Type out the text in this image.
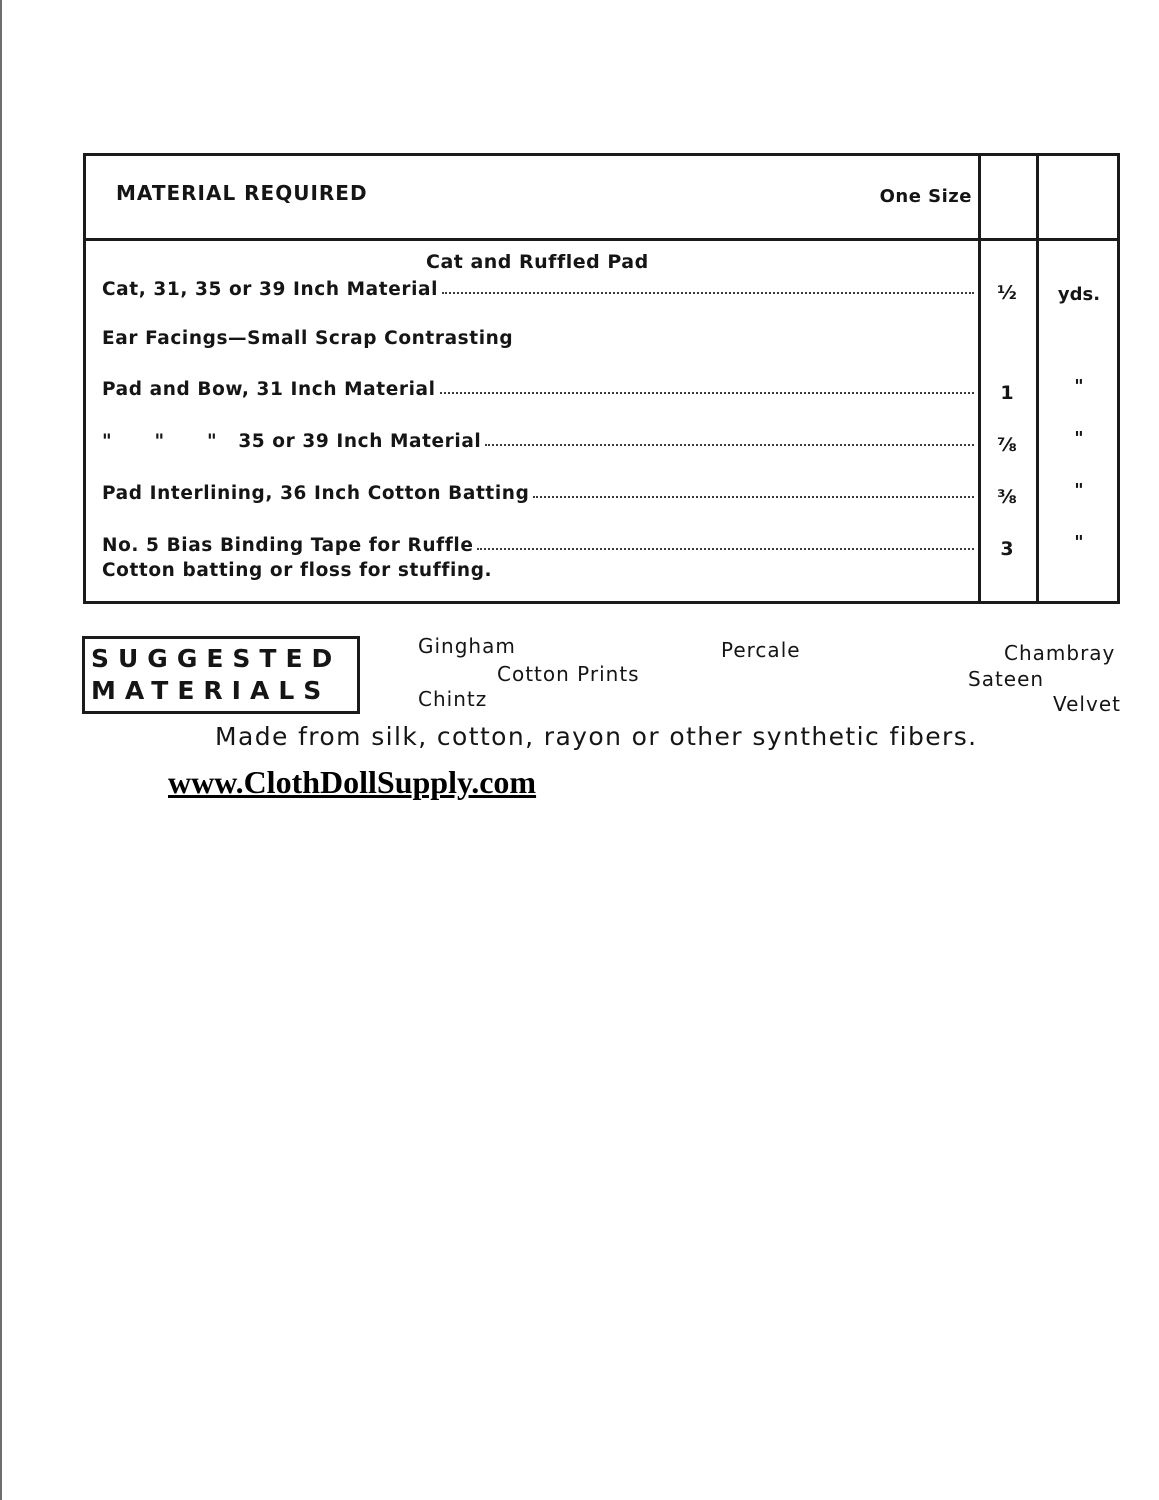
MATERIAL REQUIRED	One Size
Cat and Ruffled Pad
Cat, 31, 35 or 39 Inch Material	½	yds.
Ear Facings—Small Scrap Contrasting
Pad and Bow, 31 Inch Material	1	"
"      "      "   35 or 39 Inch Material	⅞	"
Pad Interlining, 36 Inch Cotton Batting	⅜	"
No. 5 Bias Binding Tape for Ruffle	3	"
Cotton batting or floss for stuffing.
SUGGESTED
MATERIALS
Gingham
Cotton Prints
Chintz
Percale	Chambray
Sateen
Velvet
Made from silk, cotton, rayon or other synthetic fibers.
www.ClothDollSupply.com
